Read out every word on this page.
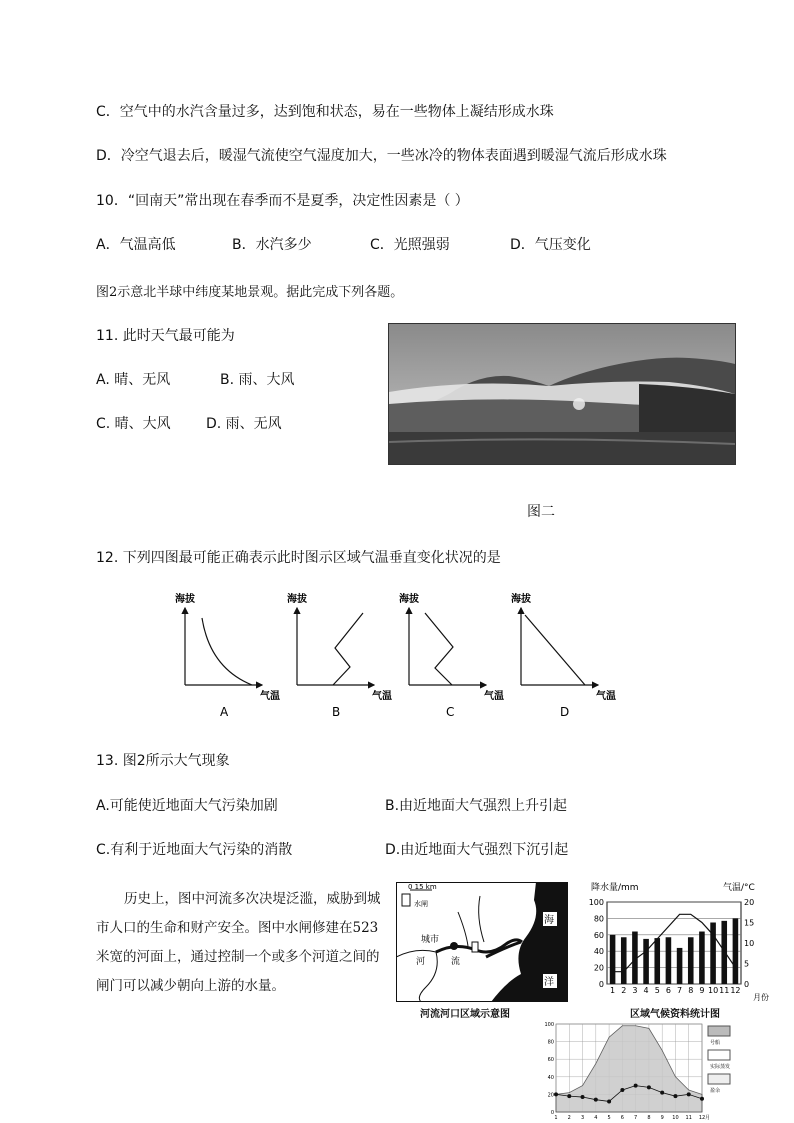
C．空气中的水汽含量过多，达到饱和状态，易在一些物体上凝结形成水珠
D．冷空气退去后，暖湿气流使空气湿度加大，一些冰冷的物体表面遇到暖湿气流后形成水珠
10．“回南天”常出现在春季而不是夏季，决定性因素是（ ）
A．气温高低	B．水汽多少	C．光照强弱	D．气压变化
图2示意北半球中纬度某地景观。据此完成下列各题。
11. 此时天气最可能为
A. 晴、无风	B. 雨、大风
C. 晴、大风	D. 雨、无风
图二
12. 下列四图最可能正确表示此时图示区域气温垂直变化状况的是
海拔
气温
A
海拔
气温
B
海拔
气温
C
海拔
气温
D
13. 图2所示大气现象
A.可能使近地面大气污染加剧	B.由近地面大气强烈上升引起
C.有利于近地面大气污染的消散	D.由近地面大气强烈下沉引起
历史上，图中河流多次决堤泛滥，威胁到城市人口的生命和财产安全。图中水闸修建在523米宽的河面上，通过控制一个或多个河道之间的闸门可以减少朝向上游的水量。
0 15 km
水闸
城市
河	流
海
洋
河流河口区域示意图
降水量/mm	气温/°C
月份
0
20
40
60
80
100
0
5
10
15
20
1 2 3 4 5 6 7 8 9 10 11 12
区域气候资料统计图
0
20
40
60
80
100
1 2 3 4 5 6 7 8 9 10 11 12 月
号船
实际蒸发
盈余
